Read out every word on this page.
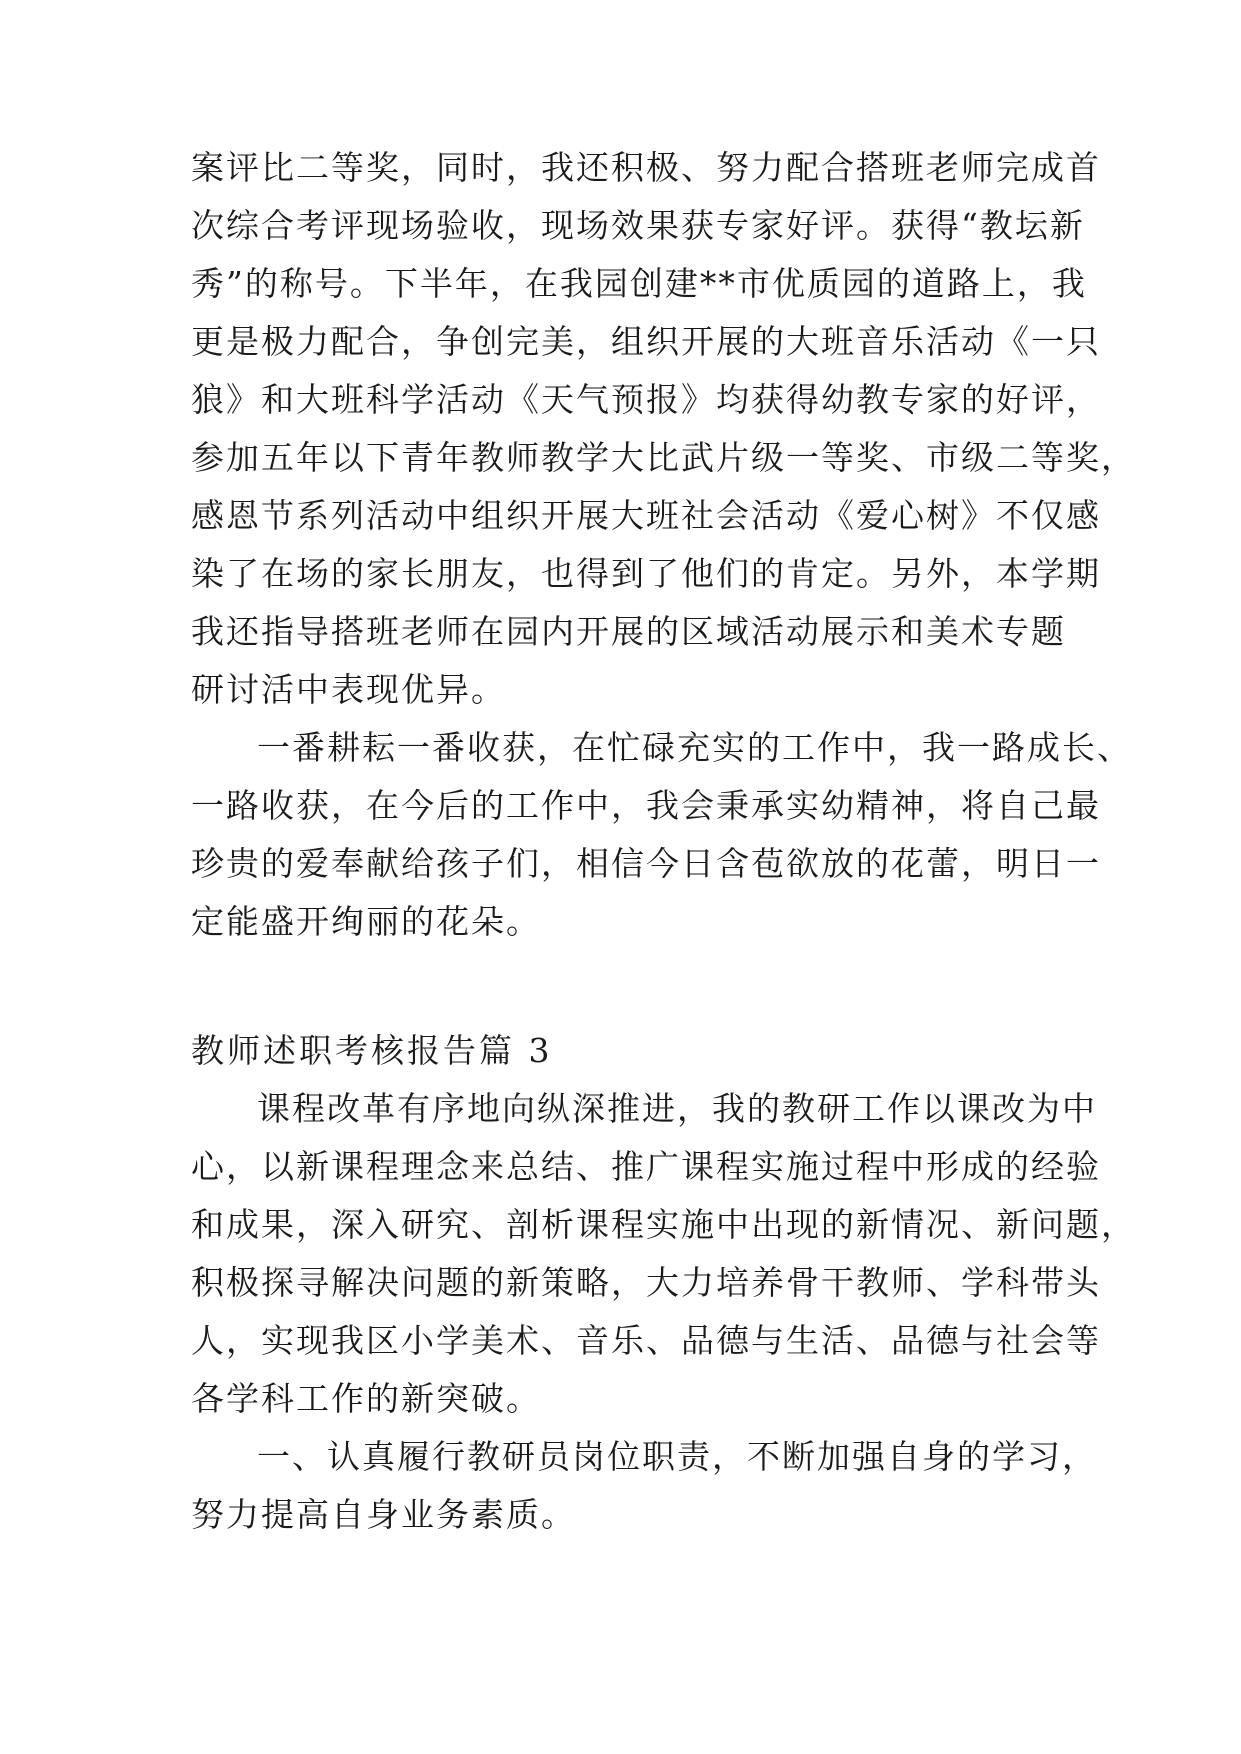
案评比二等奖，同时，我还积极、努力配合搭班老师完成首
次综合考评现场验收，现场效果获专家好评。获得“教坛新
秀”的称号。下半年，在我园创建**市优质园的道路上，我
更是极力配合，争创完美，组织开展的大班音乐活动《一只
狼》和大班科学活动《天气预报》均获得幼教专家的好评，
参加五年以下青年教师教学大比武片级一等奖、市级二等奖，
感恩节系列活动中组织开展大班社会活动《爱心树》不仅感
染了在场的家长朋友，也得到了他们的肯定。另外，本学期
我还指导搭班老师在园内开展的区域活动展示和美术专题
研讨活中表现优异。
一番耕耘一番收获，在忙碌充实的工作中，我一路成长、
一路收获，在今后的工作中，我会秉承实幼精神，将自己最
珍贵的爱奉献给孩子们，相信今日含苞欲放的花蕾，明日一
定能盛开绚丽的花朵。
教师述职考核报告篇 3
课程改革有序地向纵深推进，我的教研工作以课改为中
心，以新课程理念来总结、推广课程实施过程中形成的经验
和成果，深入研究、剖析课程实施中出现的新情况、新问题，
积极探寻解决问题的新策略，大力培养骨干教师、学科带头
人，实现我区小学美术、音乐、品德与生活、品德与社会等
各学科工作的新突破。
一、认真履行教研员岗位职责，不断加强自身的学习，
努力提高自身业务素质。
